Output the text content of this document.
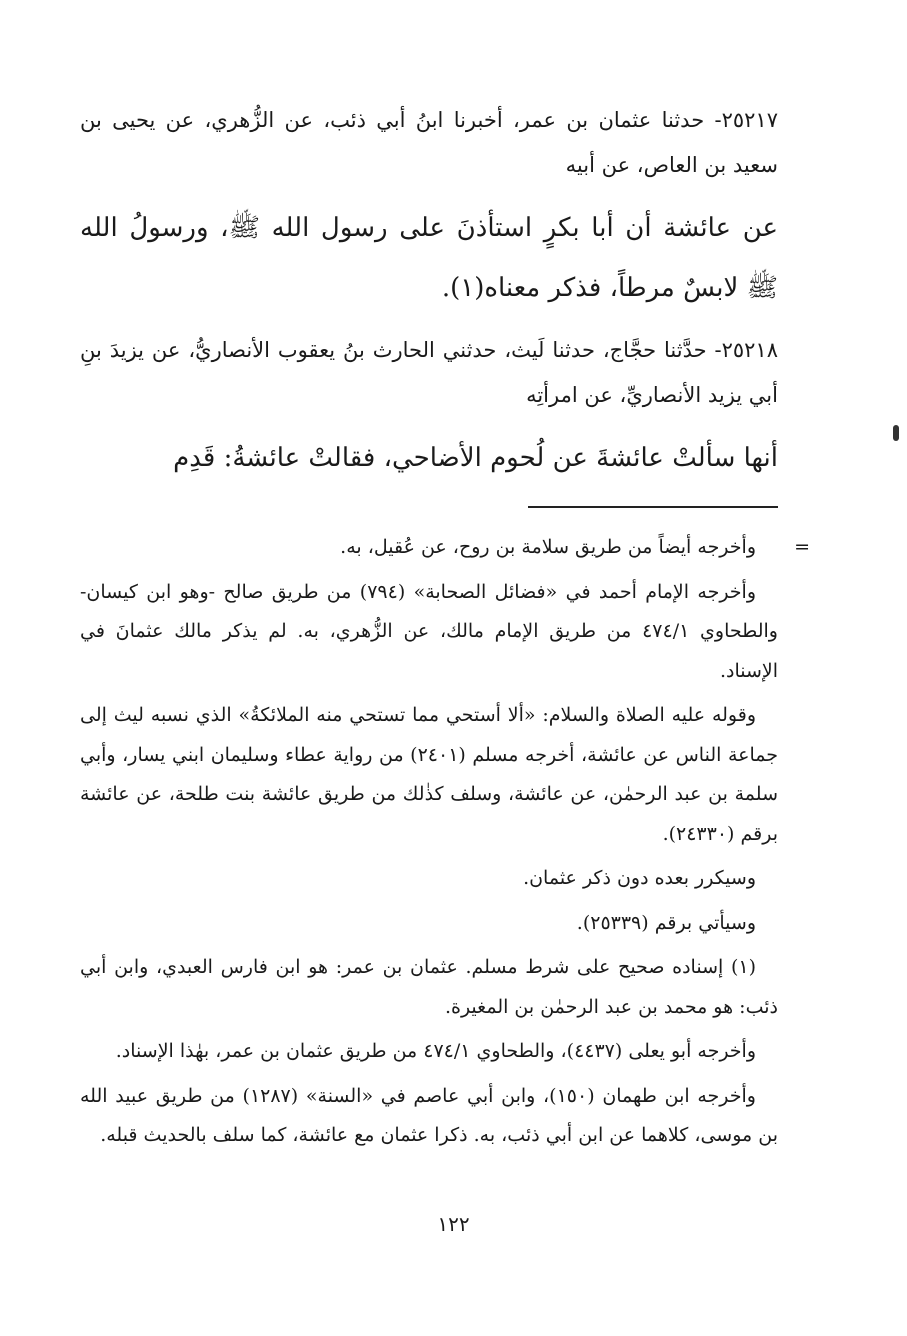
٢٥٢١٧- حدثنا عثمان بن عمر، أخبرنا ابنُ أبي ذئب، عن الزُّهري، عن يحيى بن سعيد بن العاص، عن أبيه

عن عائشة أن أبا بكرٍ استأذنَ على رسول الله ﷺ، ورسولُ الله ﷺ لابسٌ مرطاً، فذكر معناه(١).

٢٥٢١٨- حدَّثنا حجَّاج، حدثنا لَيث، حدثني الحارث بنُ يعقوب الأنصاريُّ، عن يزيدَ بنِ أبي يزيد الأنصاريِّ، عن امرأتِه

أنها سألتْ عائشةَ عن لُحوم الأضاحي، فقالتْ عائشةُ: قَدِم

=
وأخرجه أيضاً من طريق سلامة بن روح، عن عُقيل، به.

وأخرجه الإمام أحمد في «فضائل الصحابة» (٧٩٤) من طريق صالح -وهو ابن كيسان- والطحاوي ٤٧٤/١ من طريق الإمام مالك، عن الزُّهري، به. لم يذكر مالك عثمانَ في الإسناد.

وقوله عليه الصلاة والسلام: «ألا أستحي مما تستحي منه الملائكةُ» الذي نسبه ليث إلى جماعة الناس عن عائشة، أخرجه مسلم (٢٤٠١) من رواية عطاء وسليمان ابني يسار، وأبي سلمة بن عبد الرحمٰن، عن عائشة، وسلف كذٰلك من طريق عائشة بنت طلحة، عن عائشة برقم (٢٤٣٣٠).

وسيكرر بعده دون ذكر عثمان.

وسيأتي برقم (٢٥٣٣٩).

(١) إسناده صحيح على شرط مسلم. عثمان بن عمر: هو ابن فارس العبدي، وابن أبي ذئب: هو محمد بن عبد الرحمٰن بن المغيرة.

وأخرجه أبو يعلى (٤٤٣٧)، والطحاوي ٤٧٤/١ من طريق عثمان بن عمر، بهٰذا الإسناد.

وأخرجه ابن طهمان (١٥٠)، وابن أبي عاصم في «السنة» (١٢٨٧) من طريق عبيد الله بن موسى، كلاهما عن ابن أبي ذئب، به. ذكرا عثمان مع عائشة، كما سلف بالحديث قبله.

١٢٢
